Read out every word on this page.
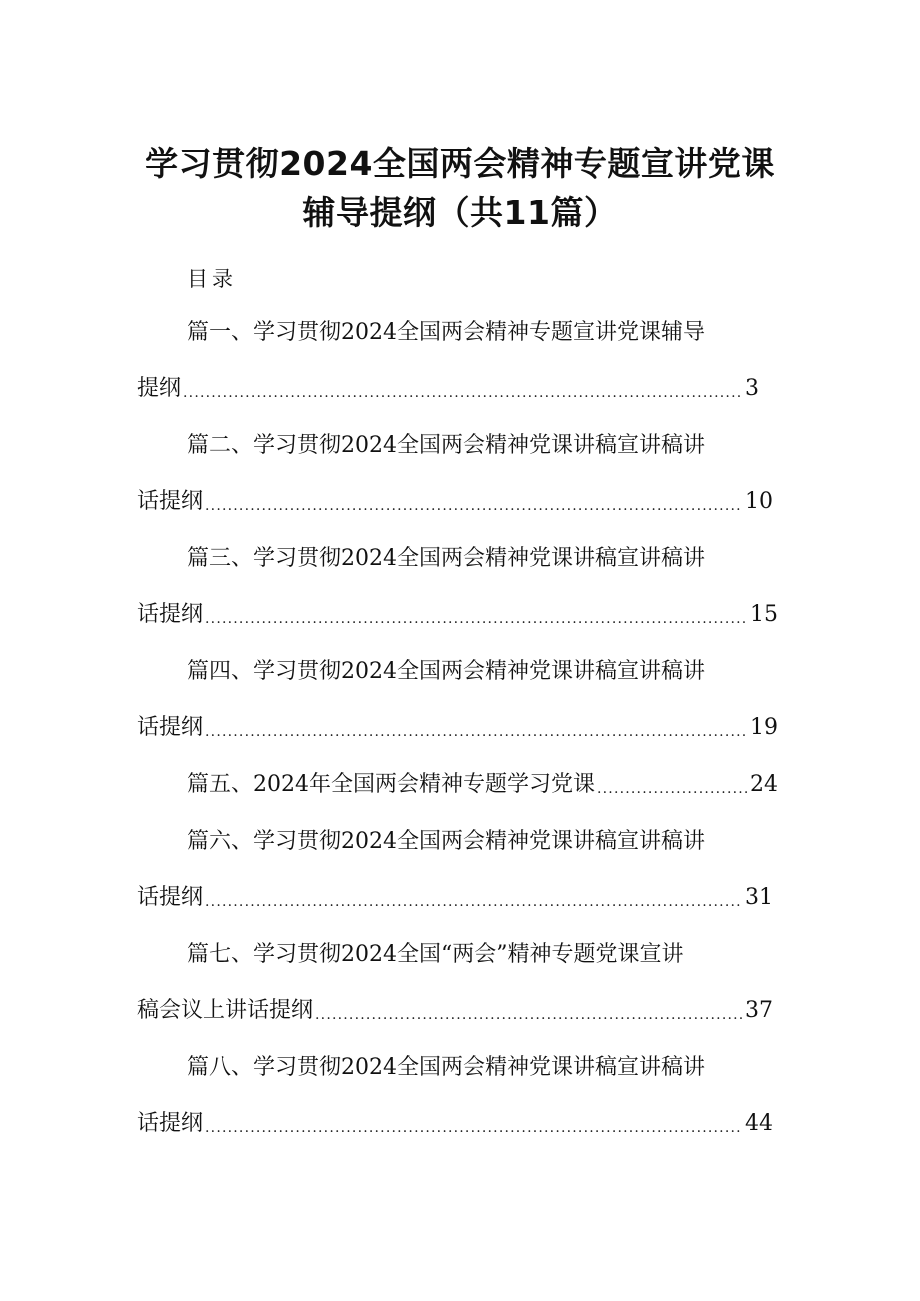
学习贯彻2024全国两会精神专题宣讲党课
辅导提纲（共11篇）
目录
篇一、学习贯彻2024全国两会精神专题宣讲党课辅导
提纲 .....	3
篇二、学习贯彻2024全国两会精神党课讲稿宣讲稿讲
话提纲 .....	10
篇三、学习贯彻2024全国两会精神党课讲稿宣讲稿讲
话提纲 .....	15
篇四、学习贯彻2024全国两会精神党课讲稿宣讲稿讲
话提纲 .....	19
篇五、2024年全国两会精神专题学习党课 .....	24
篇六、学习贯彻2024全国两会精神党课讲稿宣讲稿讲
话提纲 .....	31
篇七、学习贯彻2024全国“两会”精神专题党课宣讲
稿会议上讲话提纲 .....	37
篇八、学习贯彻2024全国两会精神党课讲稿宣讲稿讲
话提纲 .....	44
